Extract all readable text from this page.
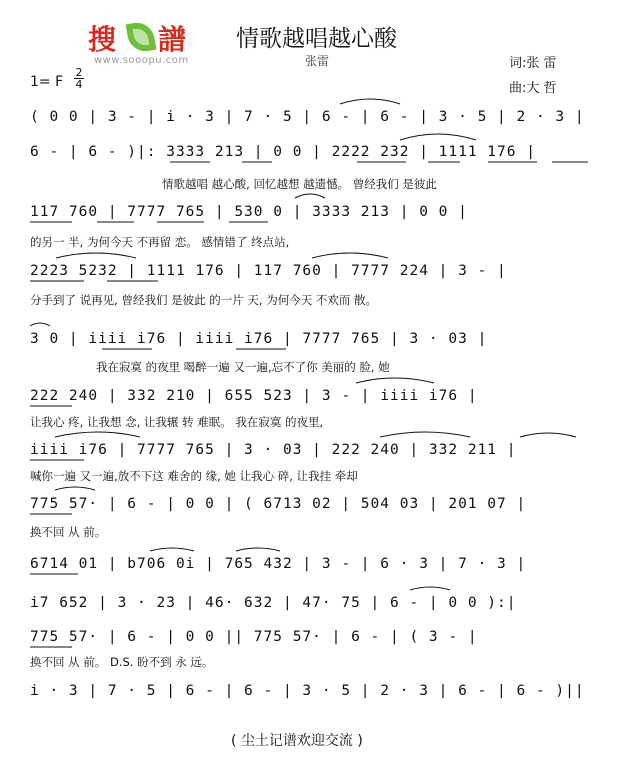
搜 譜
www.sooopu.com
情歌越唱越心酸
张雷	词:张 雷
曲:大 哲
1= F
2
4
( 0 0 | 3 - | i · 3 | 7 · 5 | 6 - | 6 - | 3 · 5 | 2 · 3 |
6 - | 6 - )|: 3333 213 | 0 0 | 2222 232 | 1111 176 |
情歌越唱 越心酸, 回忆越想 越遗憾。 曾经我们 是彼此
117 760 | 7777 765 | 530 0 | 3333 213 | 0 0 |
的另一 半, 为何今天 不再留 恋。 感情错了 终点站,
2223 5232 | 1111 176 | 117 760 | 7777 224 | 3 - |
分手到了 说再见, 曾经我们 是彼此 的一片 天, 为何今天 不欢而 散。
3 0 | iiii i76 | iiii i76 | 7777 765 | 3 · 03 |
我在寂寞 的夜里 喝醉一遍 又一遍,忘不了你 美丽的 脸, 她
222 240 | 332 210 | 655 523 | 3 - | iiii i76 |
让我心 疼, 让我想 念, 让我辗 转 难眠。 我在寂寞 的夜里,
iiii i76 | 7777 765 | 3 · 03 | 222 240 | 332 211 |
喊你一遍 又一遍,放不下这 难舍的 缘, 她 让我心 碎, 让我挂 牵却
775 57· | 6 - | 0 0 | ( 6713 02 | 504 03 | 201 07 |
换不回 从 前。
6714 01 | b706 0i | 765 432 | 3 - | 6 · 3 | 7 · 3 |
i7 652 | 3 · 23 | 46· 632 | 47· 75 | 6 - | 0 0 ):|
775 57· | 6 - | 0 0 || 775 57· | 6 - | ( 3 - |
换不回 从 前。 D.S. 盼不到 永 远。
i · 3 | 7 · 5 | 6 - | 6 - | 3 · 5 | 2 · 3 | 6 - | 6 - )||
( 尘土记谱欢迎交流 )
